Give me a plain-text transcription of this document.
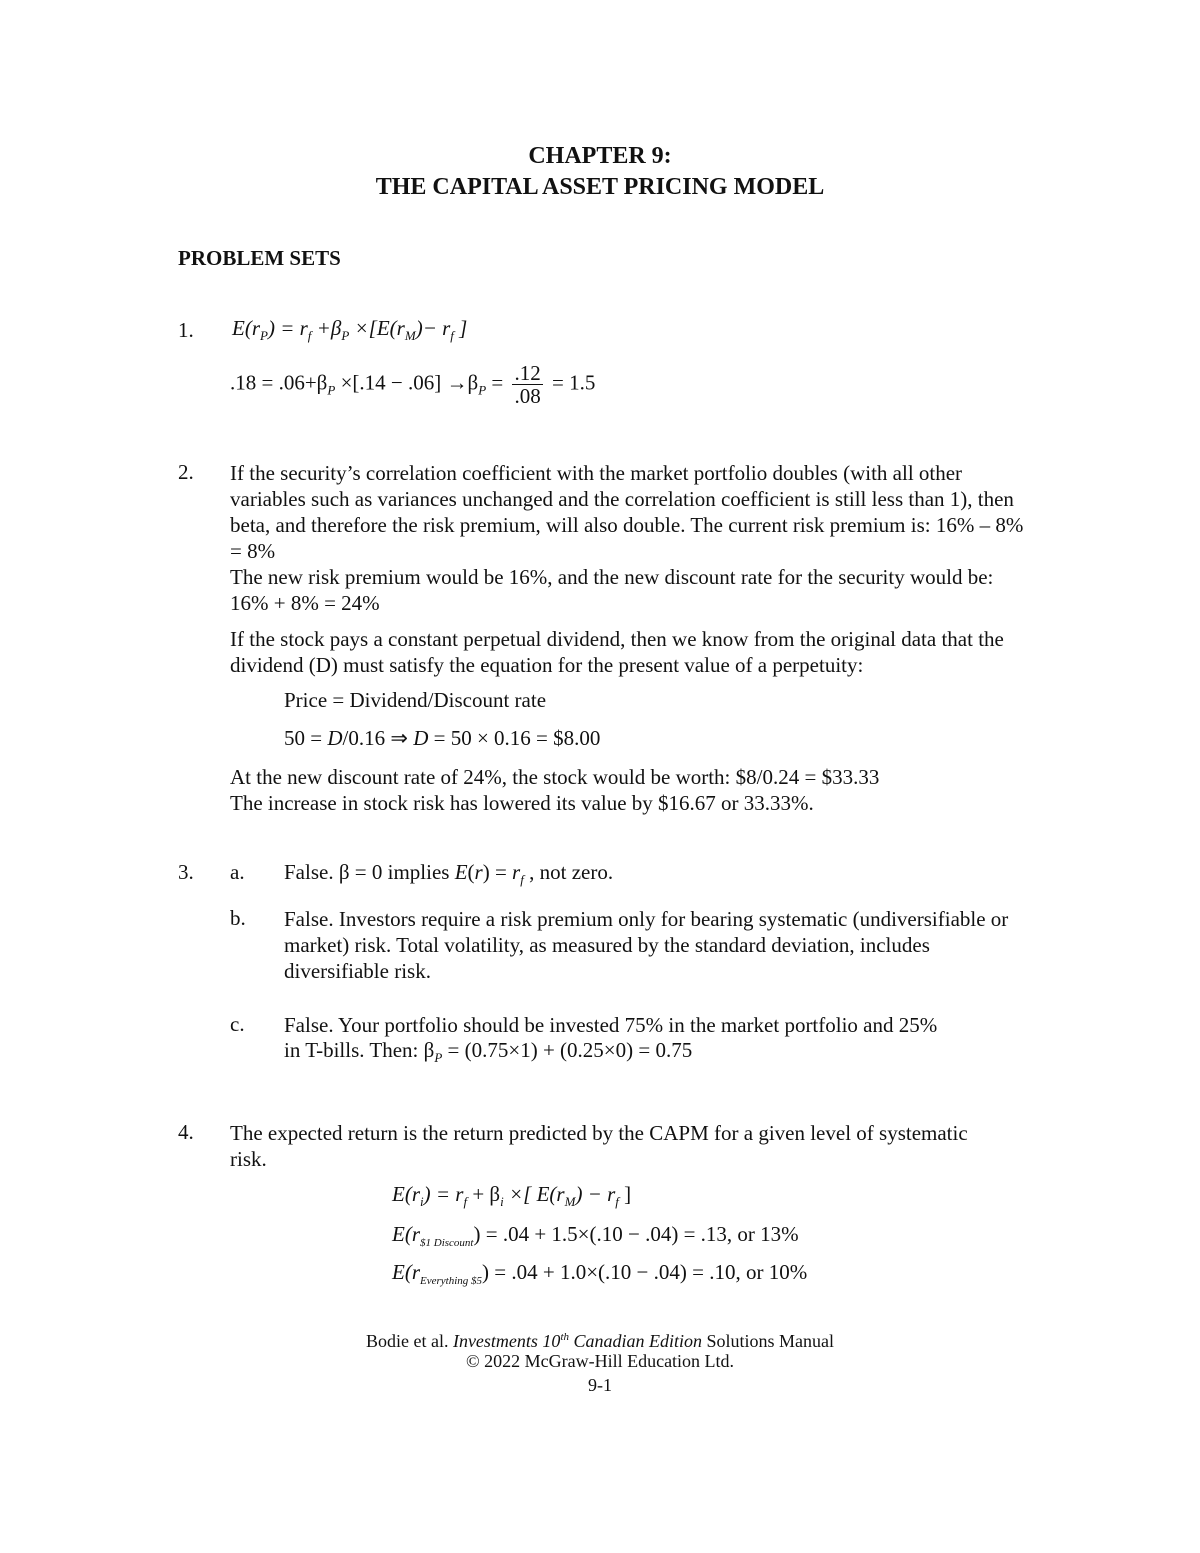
CHAPTER 9:
THE CAPITAL ASSET PRICING MODEL
PROBLEM SETS
1. $E(r_P) = r_f +\beta_P \times[E(r_M)- r_f$ ]
$.18 = .06+\beta_P \times[.14 - .06] \to\beta_P = \frac{.12}{.08} = 1.5$
2. If the security’s correlation coefficient with the market portfolio doubles (with all other variables such as variances unchanged and the correlation coefficient is still less than 1), then beta, and therefore the risk premium, will also double. The current risk premium is: 16% – 8% = 8%
The new risk premium would be 16%, and the new discount rate for the security would be: 16% + 8% = 24%
If the stock pays a constant perpetual dividend, then we know from the original data that the dividend (D) must satisfy the equation for the present value of a perpetuity:
Price = Dividend/Discount rate
50 = D/0.16 ⇒ D = 50 × 0.16 = $8.00
At the new discount rate of 24%, the stock would be worth: $8/0.24 = $33.33
The increase in stock risk has lowered its value by $16.67 or 33.33%.
3. a. False. β = 0 implies $E(r) = r_f$ , not zero.
b. False. Investors require a risk premium only for bearing systematic (undiversifiable or market) risk. Total volatility, as measured by the standard deviation, includes diversifiable risk.
c. False. Your portfolio should be invested 75% in the market portfolio and 25%
in T-bills. Then: $\beta_P = (0.75\times 1) + (0.25\times 0) = 0.75$
4. The expected return is the return predicted by the CAPM for a given level of systematic risk.
$E(r_i) = r_f + \beta_i$ ×[ $E(r_M) - r_f$ ]
$E(r_{\$1 Discount}) = .04 + 1.5\times(.10 - .04) = .13$, or 13%
$E(r_{Everything \$5}) = .04 + 1.0\times(.10 - .04) = .10$, or 10%
Bodie et al. Investments 10th Canadian Edition Solutions Manual
© 2022 McGraw-Hill Education Ltd.
9-1
